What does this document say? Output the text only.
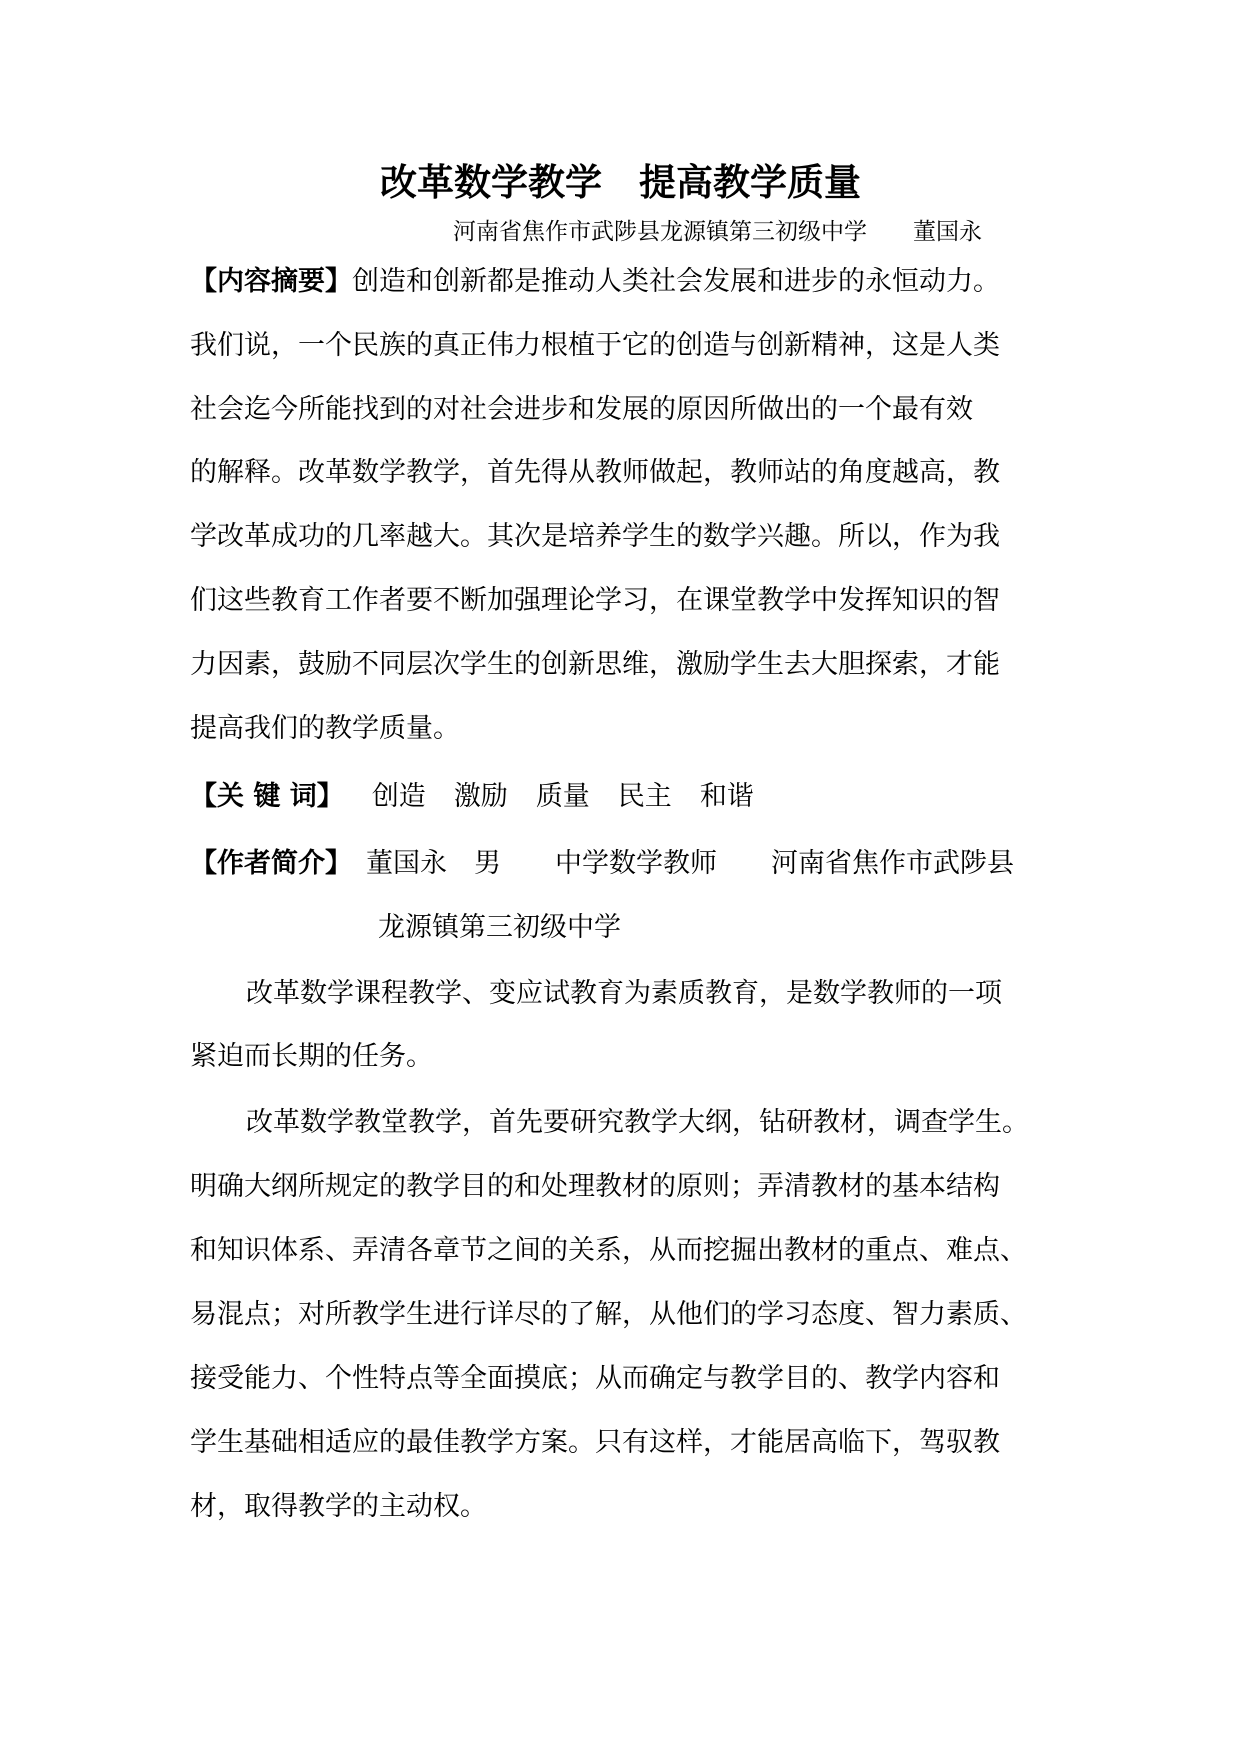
改革数学教学　提高教学质量
河南省焦作市武陟县龙源镇第三初级中学　　董国永
【内容摘要】创造和创新都是推动人类社会发展和进步的永恒动力。
我们说，一个民族的真正伟力根植于它的创造与创新精神，这是人类
社会迄今所能找到的对社会进步和发展的原因所做出的一个最有效
的解释。改革数学教学，首先得从教师做起，教师站的角度越高，教
学改革成功的几率越大。其次是培养学生的数学兴趣。所以，作为我
们这些教育工作者要不断加强理论学习，在课堂教学中发挥知识的智
力因素，鼓励不同层次学生的创新思维，激励学生去大胆探索，才能
提高我们的教学质量。
【关 键 词】 创造 激励 质量 民主 和谐
【作者简介】 董国永　男　　中学数学教师　　河南省焦作市武陟县
龙源镇第三初级中学
改革数学课程教学、变应试教育为素质教育，是数学教师的一项
紧迫而长期的任务。
改革数学教堂教学，首先要研究教学大纲，钻研教材，调查学生。
明确大纲所规定的教学目的和处理教材的原则；弄清教材的基本结构
和知识体系、弄清各章节之间的关系，从而挖掘出教材的重点、难点、
易混点；对所教学生进行详尽的了解，从他们的学习态度、智力素质、
接受能力、个性特点等全面摸底；从而确定与教学目的、教学内容和
学生基础相适应的最佳教学方案。只有这样，才能居高临下，驾驭教
材，取得教学的主动权。
